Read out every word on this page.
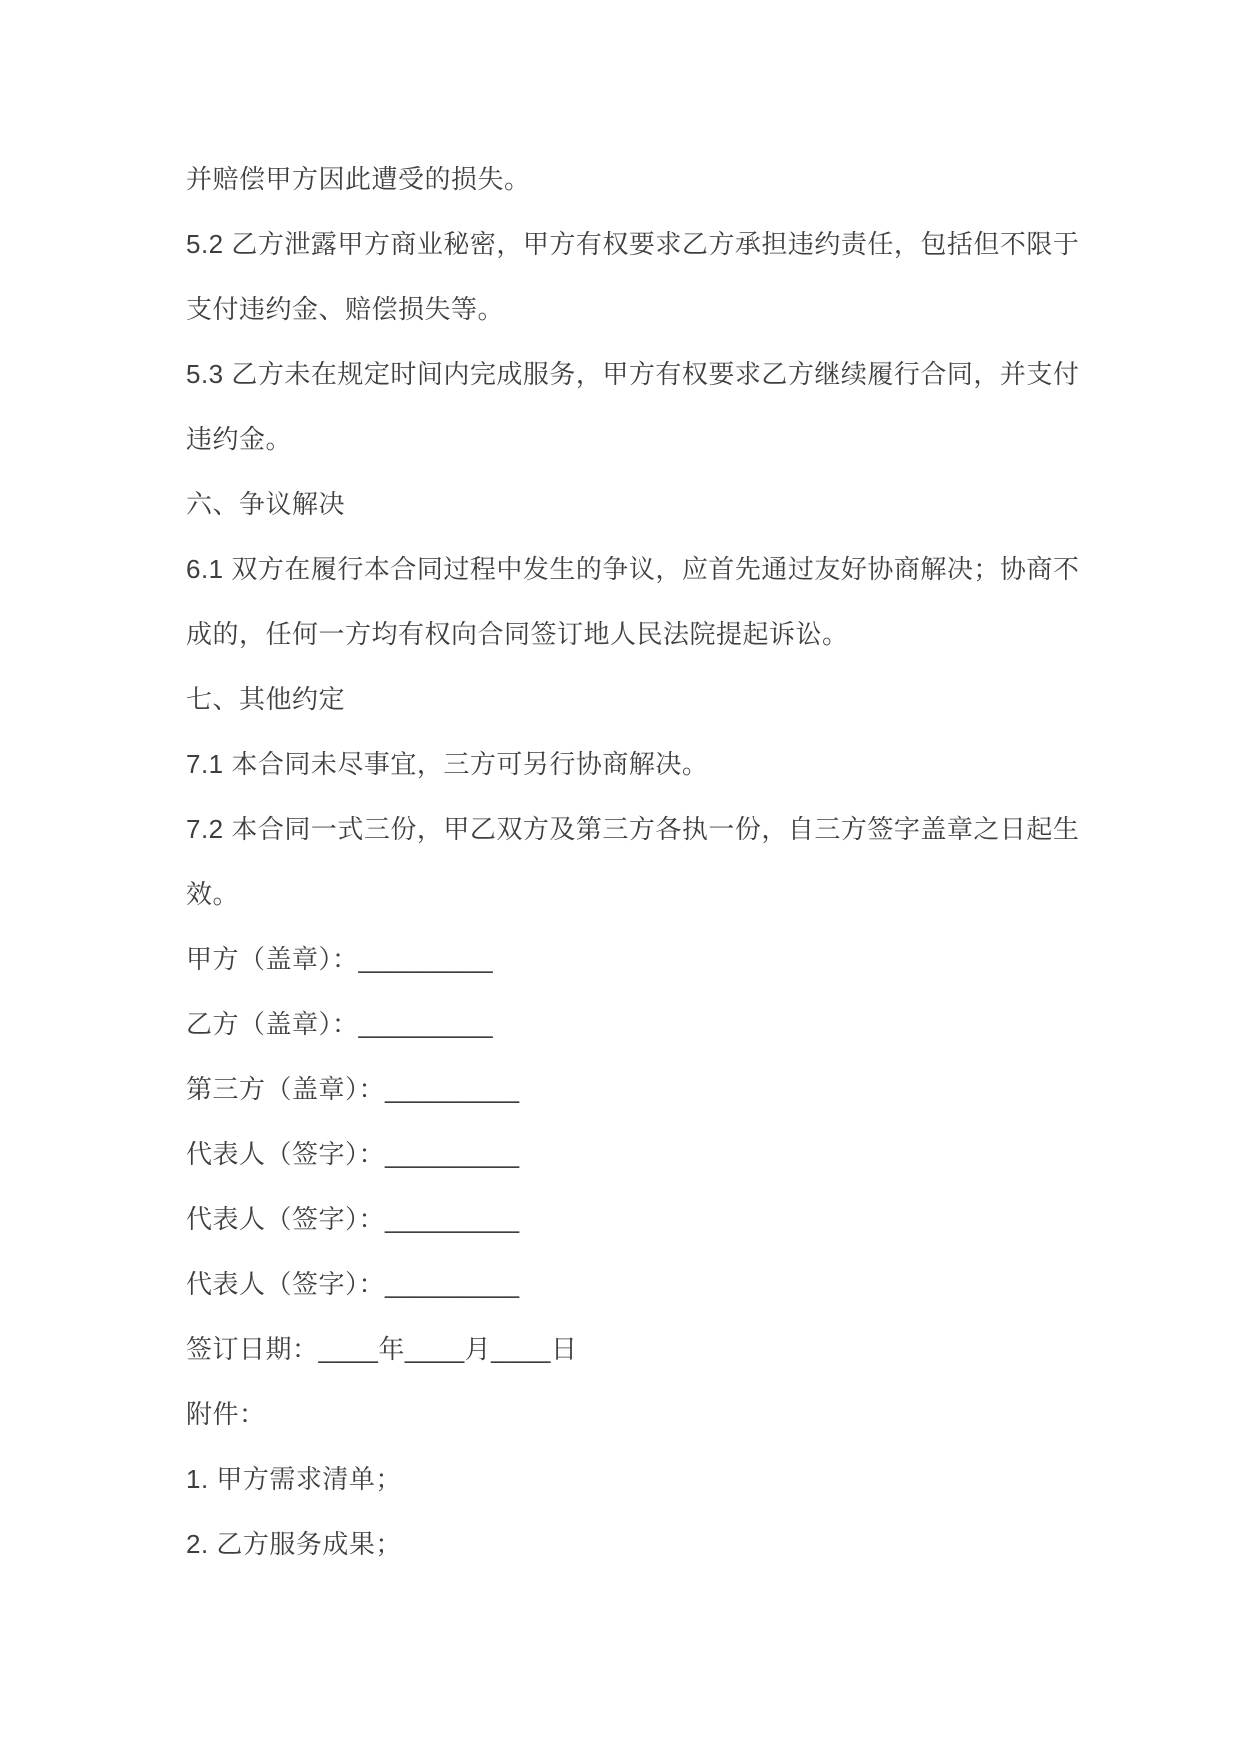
并赔偿甲方因此遭受的损失。
5.2 乙方泄露甲方商业秘密，甲方有权要求乙方承担违约责任，包括但不限于
支付违约金、赔偿损失等。
5.3 乙方未在规定时间内完成服务，甲方有权要求乙方继续履行合同，并支付
违约金。
六、争议解决
6.1 双方在履行本合同过程中发生的争议，应首先通过友好协商解决；协商不
成的，任何一方均有权向合同签订地人民法院提起诉讼。
七、其他约定
7.1 本合同未尽事宜，三方可另行协商解决。
7.2 本合同一式三份，甲乙双方及第三方各执一份，自三方签字盖章之日起生
效。
甲方（盖章）：_________
乙方（盖章）：_________
第三方（盖章）：_________
代表人（签字）：_________
代表人（签字）：_________
代表人（签字）：_________
签订日期：____年____月____日
附件：
1. 甲方需求清单；
2. 乙方服务成果；
